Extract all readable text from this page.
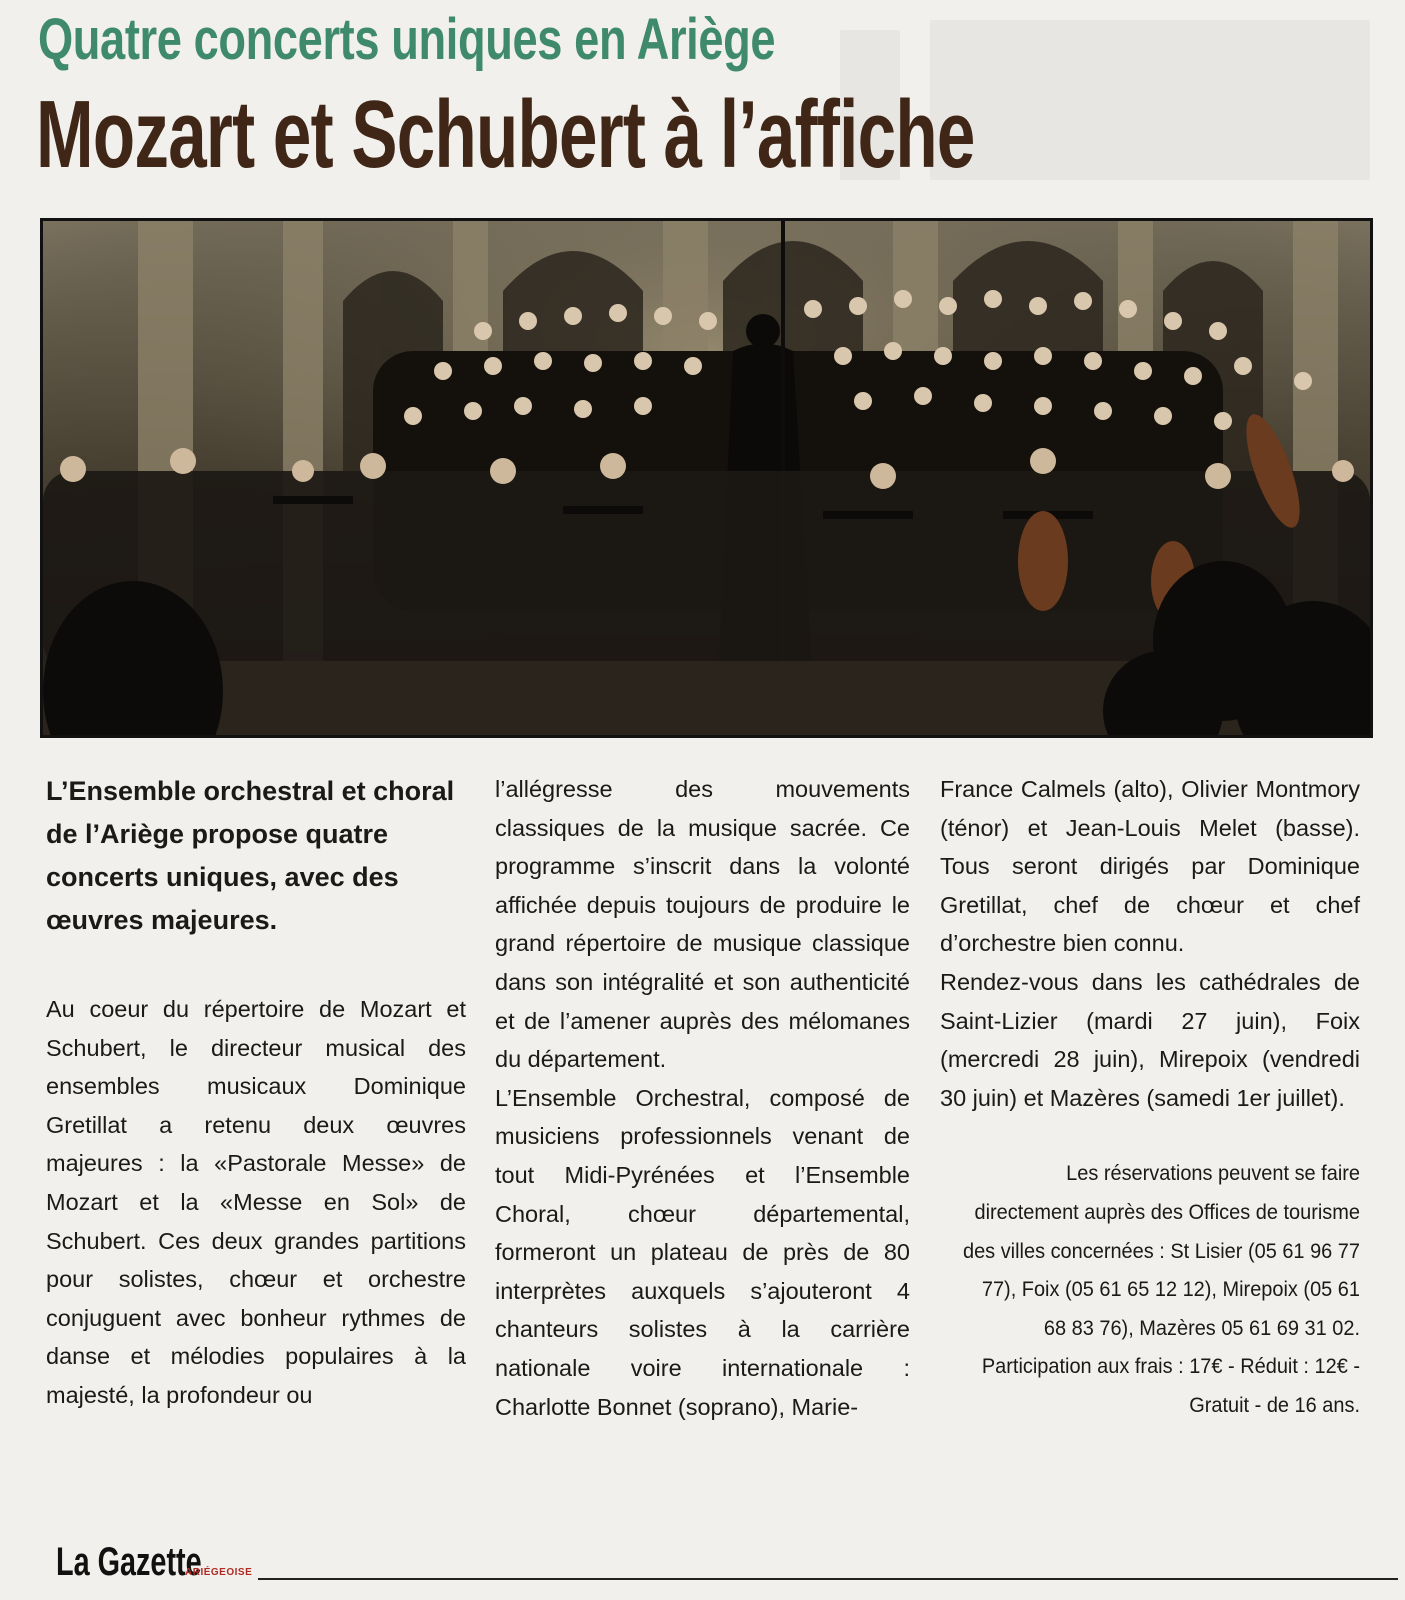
Quatre concerts uniques en Ariège
Mozart et Schubert à l’affiche

L’Ensemble orchestral et choral de l’Ariège propose quatre concerts uniques, avec des œuvres majeures.

Au coeur du répertoire de Mozart et Schubert, le directeur musical des ensembles musicaux Dominique Gretillat a retenu deux œuvres majeures : la «Pastorale Messe» de Mozart et la «Messe en Sol» de Schubert. Ces deux grandes partitions pour solistes, chœur et orchestre conjuguent avec bonheur rythmes de danse et mélodies populaires à la majesté, la profondeur ou

l’allégresse des mouvements classiques de la musique sacrée. Ce programme s’inscrit dans la volonté affichée depuis toujours de produire le grand répertoire de musique classique dans son intégralité et son authenticité et de l’amener auprès des mélomanes du département.

L’Ensemble Orchestral, composé de musiciens professionnels venant de tout Midi-Pyrénées et l’Ensemble Choral, chœur départemental, formeront un plateau de près de 80 interprètes auxquels s’ajouteront 4 chanteurs solistes à la carrière nationale voire internationale : Charlotte Bonnet (soprano), Marie-

France Calmels (alto), Olivier Montmory (ténor) et Jean-Louis Melet (basse). Tous seront dirigés par Dominique Gretillat, chef de chœur et chef d’orchestre bien connu.

Rendez-vous dans les cathédrales de Saint-Lizier (mardi 27 juin), Foix (mercredi 28 juin), Mirepoix (vendredi 30 juin) et Mazères (samedi 1er juillet).

Les réservations peuvent se faire directement auprès des Offices de tourisme des villes concernées : St Lisier (05 61 96 77 77), Foix (05 61 65 12 12), Mirepoix (05 61 68 83 76), Mazères 05 61 69 31 02. Participation aux frais : 17€ - Réduit : 12€ - Gratuit - de 16 ans.

La Gazette
ARIÉGEOISE
